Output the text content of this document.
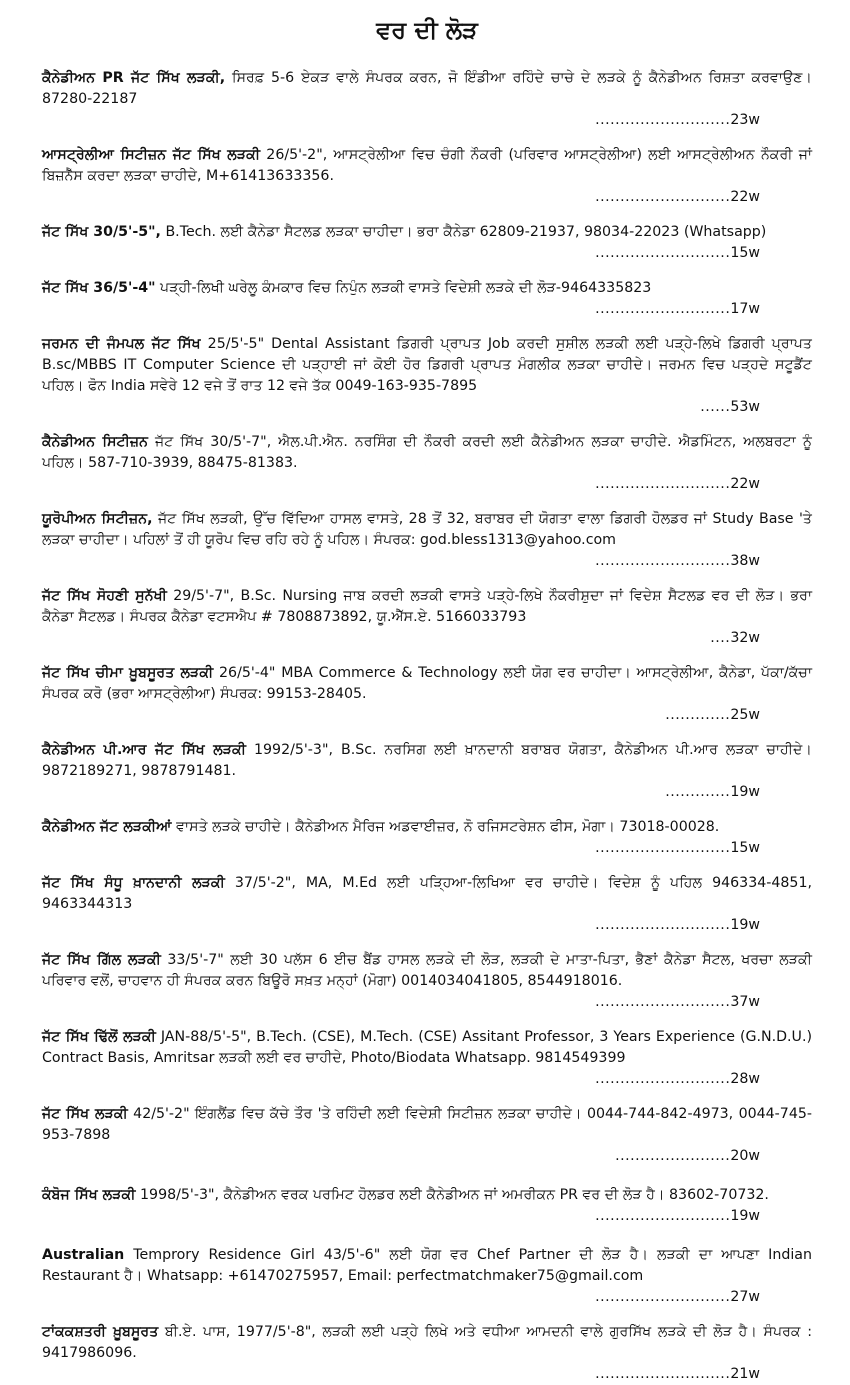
ਵਰ ਦੀ ਲੋੜ
ਕੈਨੇਡੀਅਨ PR ਜੱਟ ਸਿੱਖ ਲੜਕੀ, ਸਿਰਫ਼ 5-6 ਏਕੜ ਵਾਲੇ ਸੰਪਰਕ ਕਰਨ, ਜੋ ਇੰਡੀਆ ਰਹਿੰਦੇ ਚਾਚੇ ਦੇ ਲੜਕੇ ਨੂੰ ਕੈਨੇਡੀਅਨ ਰਿਸ਼ਤਾ ਕਰਵਾਉਣ। 87280-22187
...........................23w
ਆਸਟ੍ਰੇਲੀਆ ਸਿਟੀਜ਼ਨ ਜੱਟ ਸਿੱਖ ਲੜਕੀ 26/5'-2", ਆਸਟ੍ਰੇਲੀਆ ਵਿਚ ਚੰਗੀ ਨੌਕਰੀ (ਪਰਿਵਾਰ ਆਸਟ੍ਰੇਲੀਆ) ਲਈ ਆਸਟ੍ਰੇਲੀਅਨ ਨੌਕਰੀ ਜਾਂ ਬਿਜ਼ਨੈੱਸ ਕਰਦਾ ਲੜਕਾ ਚਾਹੀਦੇ, M+61413633356.
...........................22w
ਜੱਟ ਸਿੱਖ 30/5'-5", B.Tech. ਲਈ ਕੈਨੇਡਾ ਸੈਟਲਡ ਲੜਕਾ ਚਾਹੀਦਾ। ਭਰਾ ਕੈਨੇਡਾ 62809-21937, 98034-22023 (Whatsapp)
...........................15w
ਜੱਟ ਸਿੱਖ 36/5'-4" ਪੜ੍ਹੀ-ਲਿਖੀ ਘਰੇਲੂ ਕੰਮਕਾਰ ਵਿਚ ਨਿਪੁੰਨ ਲੜਕੀ ਵਾਸਤੇ ਵਿਦੇਸ਼ੀ ਲੜਕੇ ਦੀ ਲੋੜ-9464335823
...........................17w
ਜਰਮਨ ਦੀ ਜੰਮਪਲ ਜੱਟ ਸਿੱਖ 25/5'-5" Dental Assistant ਡਿਗਰੀ ਪ੍ਰਾਪਤ Job ਕਰਦੀ ਸੁਸ਼ੀਲ ਲੜਕੀ ਲਈ ਪੜ੍ਹੇ-ਲਿਖੇ ਡਿਗਰੀ ਪ੍ਰਾਪਤ B.sc/MBBS IT Computer Science ਦੀ ਪੜ੍ਹਾਈ ਜਾਂ ਕੋਈ ਹੋਰ ਡਿਗਰੀ ਪ੍ਰਾਪਤ ਮੰਗਲੀਕ ਲੜਕਾ ਚਾਹੀਦੇ। ਜਰਮਨ ਵਿਚ ਪੜ੍ਹਦੇ ਸਟੂਡੈਂਟ ਪਹਿਲ। ਫੋਨ India ਸਵੇਰੇ 12 ਵਜੇ ਤੋਂ ਰਾਤ 12 ਵਜੇ ਤੱਕ 0049-163-935-7895
......53w
ਕੈਨੇਡੀਅਨ ਸਿਟੀਜ਼ਨ ਜੱਟ ਸਿੱਖ 30/5'-7", ਐਲ.ਪੀ.ਐਨ. ਨਰਸਿੰਗ ਦੀ ਨੌਕਰੀ ਕਰਦੀ ਲਈ ਕੈਨੇਡੀਅਨ ਲੜਕਾ ਚਾਹੀਦੇ. ਐਡਮਿੰਟਨ, ਅਲਬਰਟਾ ਨੂੰ ਪਹਿਲ। 587-710-3939, 88475-81383.
...........................22w
ਯੂਰੋਪੀਅਨ ਸਿਟੀਜ਼ਨ, ਜੱਟ ਸਿੱਖ ਲੜਕੀ, ਉੱਚ ਵਿੱਦਿਆ ਹਾਸਲ ਵਾਸਤੇ, 28 ਤੋਂ 32, ਬਰਾਬਰ ਦੀ ਯੋਗਤਾ ਵਾਲਾ ਡਿਗਰੀ ਹੋਲਡਰ ਜਾਂ Study Base 'ਤੇ ਲੜਕਾ ਚਾਹੀਦਾ। ਪਹਿਲਾਂ ਤੋਂ ਹੀ ਯੂਰੋਪ ਵਿਚ ਰਹਿ ਰਹੇ ਨੂੰ ਪਹਿਲ। ਸੰਪਰਕ: god.bless1313@yahoo.com
...........................38w
ਜੱਟ ਸਿੱਖ ਸੋਹਣੀ ਸੁਨੱਖੀ 29/5'-7", B.Sc. Nursing ਜਾਬ ਕਰਦੀ ਲੜਕੀ ਵਾਸਤੇ ਪੜ੍ਹੇ-ਲਿਖੇ ਨੌਕਰੀਸ਼ੁਦਾ ਜਾਂ ਵਿਦੇਸ਼ ਸੈਟਲਡ ਵਰ ਦੀ ਲੋੜ। ਭਰਾ ਕੈਨੇਡਾ ਸੈਟਲਡ। ਸੰਪਰਕ ਕੈਨੇਡਾ ਵਟਸਐਪ # 7808873892, ਯੂ.ਐੱਸ.ਏ. 5166033793
....32w
ਜੱਟ ਸਿੱਖ ਚੀਮਾ ਖ਼ੂਬਸੂਰਤ ਲੜਕੀ 26/5'-4" MBA Commerce & Technology ਲਈ ਯੋਗ ਵਰ ਚਾਹੀਦਾ। ਆਸਟ੍ਰੇਲੀਆ, ਕੈਨੇਡਾ, ਪੱਕਾ/ਕੱਚਾ ਸੰਪਰਕ ਕਰੋ (ਭਰਾ ਆਸਟ੍ਰੇਲੀਆ) ਸੰਪਰਕ: 99153-28405.
.............25w
ਕੈਨੇਡੀਅਨ ਪੀ.ਆਰ ਜੱਟ ਸਿੱਖ ਲੜਕੀ 1992/5'-3", B.Sc. ਨਰਸਿਗ ਲਈ ਖ਼ਾਨਦਾਨੀ ਬਰਾਬਰ ਯੋਗਤਾ, ਕੈਨੇਡੀਅਨ ਪੀ.ਆਰ ਲੜਕਾ ਚਾਹੀਦੇ। 9872189271, 9878791481.
.............19w
ਕੈਨੇਡੀਅਨ ਜੱਟ ਲੜਕੀਆਂ ਵਾਸਤੇ ਲੜਕੇ ਚਾਹੀਦੇ। ਕੈਨੇਡੀਅਨ ਮੈਰਿਜ ਅਡਵਾਈਜ਼ਰ, ਨੋ ਰਜਿਸਟਰੇਸ਼ਨ ਫੀਸ, ਮੋਗਾ। 73018-00028.
...........................15w
ਜੱਟ ਸਿੱਖ ਸੰਧੂ ਖ਼ਾਨਦਾਨੀ ਲੜਕੀ 37/5'-2", MA, M.Ed ਲਈ ਪੜ੍ਹਿਆ-ਲਿਖਿਆ ਵਰ ਚਾਹੀਦੇ। ਵਿਦੇਸ਼ ਨੂੰ ਪਹਿਲ 946334-4851, 9463344313
...........................19w
ਜੱਟ ਸਿੱਖ ਗਿੱਲ ਲੜਕੀ 33/5'-7" ਲਈ 30 ਪਲੱਸ 6 ਈਚ ਬੈਂਡ ਹਾਸਲ ਲੜਕੇ ਦੀ ਲੋੜ, ਲੜਕੀ ਦੇ ਮਾਤਾ-ਪਿਤਾ, ਭੈਣਾਂ ਕੈਨੇਡਾ ਸੈਟਲ, ਖਰਚਾ ਲੜਕੀ ਪਰਿਵਾਰ ਵਲੋਂ, ਚਾਹਵਾਨ ਹੀ ਸੰਪਰਕ ਕਰਨ ਬਿਊਰੋ ਸਖ਼ਤ ਮਨ੍ਹਾਂ (ਮੋਗਾ) 0014034041805, 8544918016.
...........................37w
ਜੱਟ ਸਿੱਖ ਢਿੱਲੋਂ ਲੜਕੀ JAN-88/5'-5", B.Tech. (CSE), M.Tech. (CSE) Assitant Professor, 3 Years Experience (G.N.D.U.) Contract Basis, Amritsar ਲੜਕੀ ਲਈ ਵਰ ਚਾਹੀਦੇ, Photo/Biodata Whatsapp. 9814549399
...........................28w
ਜੱਟ ਸਿੱਖ ਲੜਕੀ 42/5'-2" ਇੰਗਲੈਂਡ ਵਿਚ ਕੱਚੇ ਤੌਰ 'ਤੇ ਰਹਿੰਦੀ ਲਈ ਵਿਦੇਸ਼ੀ ਸਿਟੀਜ਼ਨ ਲੜਕਾ ਚਾਹੀਦੇ। 0044-744-842-4973, 0044-745-953-7898
.......................20w
ਕੰਬੋਜ ਸਿੱਖ ਲੜਕੀ 1998/5'-3", ਕੈਨੇਡੀਅਨ ਵਰਕ ਪਰਮਿਟ ਹੋਲਡਰ ਲਈ ਕੈਨੇਡੀਅਨ ਜਾਂ ਅਮਰੀਕਨ PR ਵਰ ਦੀ ਲੋੜ ਹੈ। 83602-70732.
...........................19w
Australian Temprory Residence Girl 43/5'-6" ਲਈ ਯੋਗ ਵਰ Chef Partner ਦੀ ਲੋੜ ਹੈ। ਲੜਕੀ ਦਾ ਆਪਣਾ Indian Restaurant ਹੈ। Whatsapp: +61470275957, Email: perfectmatchmaker75@gmail.com
...........................27w
ਟਾਂਕਕਸ਼ਤਰੀ ਖ਼ੂਬਸੂਰਤ ਬੀ.ਏ. ਪਾਸ, 1977/5'-8", ਲੜਕੀ ਲਈ ਪੜ੍ਹੇ ਲਿਖੇ ਅਤੇ ਵਧੀਆ ਆਮਦਨੀ ਵਾਲੇ ਗੁਰਸਿੱਖ ਲੜਕੇ ਦੀ ਲੋੜ ਹੈ। ਸੰਪਰਕ : 9417986096.
...........................21w
